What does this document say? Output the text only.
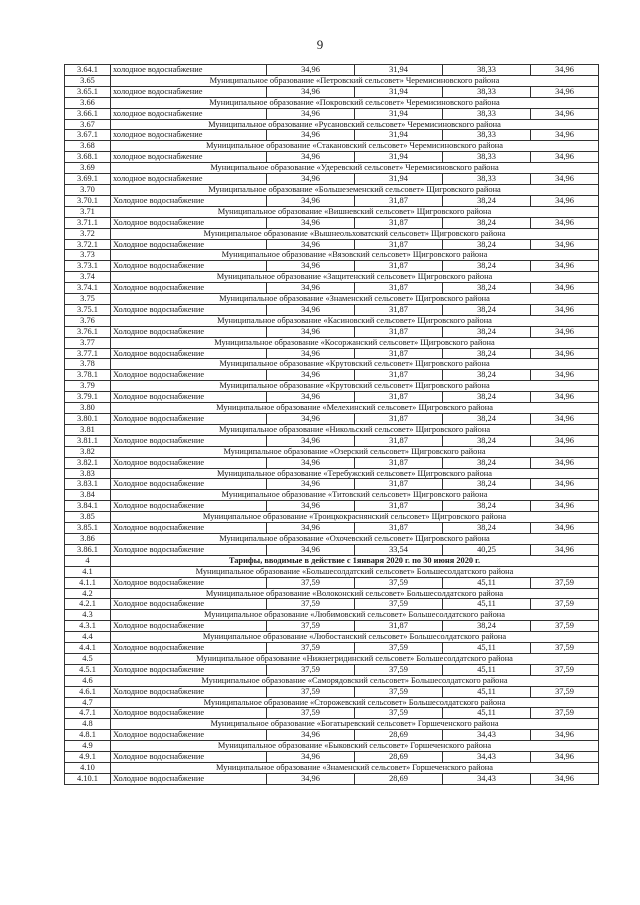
9
3.64.1	холодное водоснабжение	34,96	31,94	38,33	34,96
3.65	Муниципальное образование «Петровский сельсовет» Черемисиновского района				
3.65.1	холодное водоснабжение	34,96	31,94	38,33	34,96
3.66	Муниципальное образование «Покровский сельсовет» Черемисиновского района				
3.66.1	холодное водоснабжение	34,96	31,94	38,33	34,96
3.67	Муниципальное образование «Русановский сельсовет» Черемисиновского района				
3.67.1	холодное водоснабжение	34,96	31,94	38,33	34,96
3.68	Муниципальное образование «Стакановский сельсовет» Черемисиновского района				
3.68.1	холодное водоснабжение	34,96	31,94	38,33	34,96
3.69	Муниципальное образование «Удеревский сельсовет» Черемисиновского района				
3.69.1	холодное водоснабжение	34,96	31,94	38,33	34,96
3.70	Муниципальное образование «Большеземенский сельсовет» Щигровского района				
3.70.1	Холодное водоснабжение	34,96	31,87	38,24	34,96
3.71	Муниципальное образование «Вишневский сельсовет» Щигровского района				
3.71.1	Холодное водоснабжение	34,96	31,87	38,24	34,96
3.72	Муниципальное образование «Вышнеольховатский сельсовет» Щигровского района				
3.72.1	Холодное водоснабжение	34,96	31,87	38,24	34,96
3.73	Муниципальное образование «Вязовский сельсовет» Щигровского района				
3.73.1	Холодное водоснабжение	34,96	31,87	38,24	34,96
3.74	Муниципальное образование «Защитенский сельсовет» Щигровского района				
3.74.1	Холодное водоснабжение	34,96	31,87	38,24	34,96
3.75	Муниципальное образование «Знаменский сельсовет» Щигровского района				
3.75.1	Холодное водоснабжение	34,96	31,87	38,24	34,96
3.76	Муниципальное образование «Касиновский сельсовет» Щигровского района				
3.76.1	Холодное водоснабжение	34,96	31,87	38,24	34,96
3.77	Муниципальное образование «Косоржанский сельсовет» Щигровского района				
3.77.1	Холодное водоснабжение	34,96	31,87	38,24	34,96
3.78	Муниципальное образование «Крутовский сельсовет» Щигровского района				
3.78.1	Холодное водоснабжение	34,96	31,87	38,24	34,96
3.79	Муниципальное образование «Крутовский сельсовет» Щигровского района				
3.79.1	Холодное водоснабжение	34,96	31,87	38,24	34,96
3.80	Муниципальное образование «Мелехинский сельсовет» Щигровского района				
3.80.1	Холодное водоснабжение	34,96	31,87	38,24	34,96
3.81	Муниципальное образование «Никольский сельсовет» Щигровского района				
3.81.1	Холодное водоснабжение	34,96	31,87	38,24	34,96
3.82	Муниципальное образование «Озерский сельсовет» Щигровского района				
3.82.1	Холодное водоснабжение	34,96	31,87	38,24	34,96
3.83	Муниципальное образование «Теребужский сельсовет» Щигровского района				
3.83.1	Холодное водоснабжение	34,96	31,87	38,24	34,96
3.84	Муниципальное образование «Титовский сельсовет» Щигровского района				
3.84.1	Холодное водоснабжение	34,96	31,87	38,24	34,96
3.85	Муниципальное образование «Троицкокраснянский сельсовет» Щигровского района				
3.85.1	Холодное водоснабжение	34,96	31,87	38,24	34,96
3.86	Муниципальное образование «Охочевский сельсовет» Щигровского района				
3.86.1	Холодное водоснабжение	34,96	33,54	40,25	34,96
4	Тарифы, вводимые в действие с 1января 2020 г. по 30 июня 2020 г.				
4.1	Муниципальное образование «Большесолдатский сельсовет» Большесолдатского района				
4.1.1	Холодное водоснабжение	37,59	37,59	45,11	37,59
4.2	Муниципальное образование «Волоконский сельсовет» Большесолдатского района				
4.2.1	Холодное водоснабжение	37,59	37,59	45,11	37,59
4.3	Муниципальное образование «Любимовский сельсовет» Большесолдатского района				
4.3.1	Холодное водоснабжение	37,59	31,87	38,24	37,59
4.4	Муниципальное образование «Любостанский сельсовет» Большесолдатского района				
4.4.1	Холодное водоснабжение	37,59	37,59	45,11	37,59
4.5	Муниципальное образование «Нижнегридинский сельсовет» Большесолдатского района				
4.5.1	Холодное водоснабжение	37,59	37,59	45,11	37,59
4.6	Муниципальное образование «Саморядовский сельсовет» Большесолдатского района				
4.6.1	Холодное водоснабжение	37,59	37,59	45,11	37,59
4.7	Муниципальное образование «Сторожевский сельсовет» Большесолдатского района				
4.7.1	Холодное водоснабжение	37,59	37,59	45,11	37,59
4.8	Муниципальное образование «Богатыревский сельсовет» Горшеченского района				
4.8.1	Холодное водоснабжение	34,96	28,69	34,43	34,96
4.9	Муниципальное образование «Быковский сельсовет» Горшеченского района				
4.9.1	Холодное водоснабжение	34,96	28,69	34,43	34,96
4.10	Муниципальное образование «Знаменский сельсовет» Горшеченского района				
4.10.1	Холодное водоснабжение	34,96	28,69	34,43	34,96
